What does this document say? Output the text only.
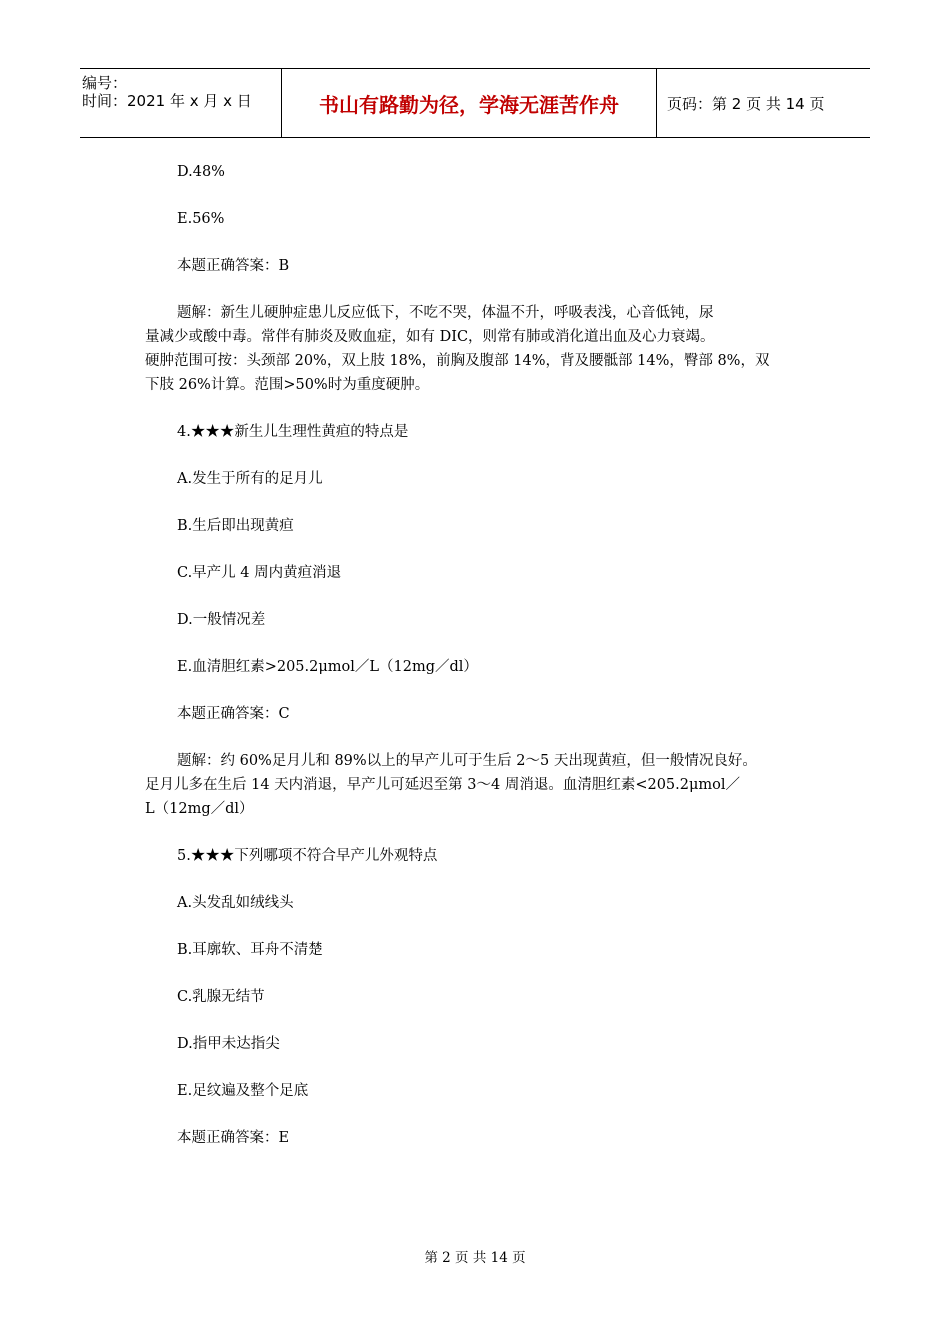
编号：
时间：2021 年 x 月 x 日	书山有路勤为径，学海无涯苦作舟	页码：第 2 页 共 14 页

D.48%

E.56%

本题正确答案：B

题解：新生儿硬肿症患儿反应低下，不吃不哭，体温不升，呼吸表浅，心音低钝，尿

量减少或酸中毒。常伴有肺炎及败血症，如有 DIC，则常有肺或消化道出血及心力衰竭。

硬肿范围可按：头颈部 20%，双上肢 18%，前胸及腹部 14%，背及腰骶部 14%，臀部 8%，双

下肢 26%计算。范围>50%时为重度硬肿。

4.★★★新生儿生理性黄疸的特点是

A.发生于所有的足月儿

B.生后即出现黄疸

C.早产儿 4 周内黄疸消退

D.一般情况差

E.血清胆红素>205.2μmol／L（12mg／dl）

本题正确答案：C

题解：约 60%足月儿和 89%以上的早产儿可于生后 2～5 天出现黄疸，但一般情况良好。

足月儿多在生后 14 天内消退，早产儿可延迟至第 3～4 周消退。血清胆红素<205.2μmol／

L（12mg／dl）

5.★★★下列哪项不符合早产儿外观特点

A.头发乱如绒线头

B.耳廓软、耳舟不清楚

C.乳腺无结节

D.指甲未达指尖

E.足纹遍及整个足底

本题正确答案：E

第 2 页 共 14 页
